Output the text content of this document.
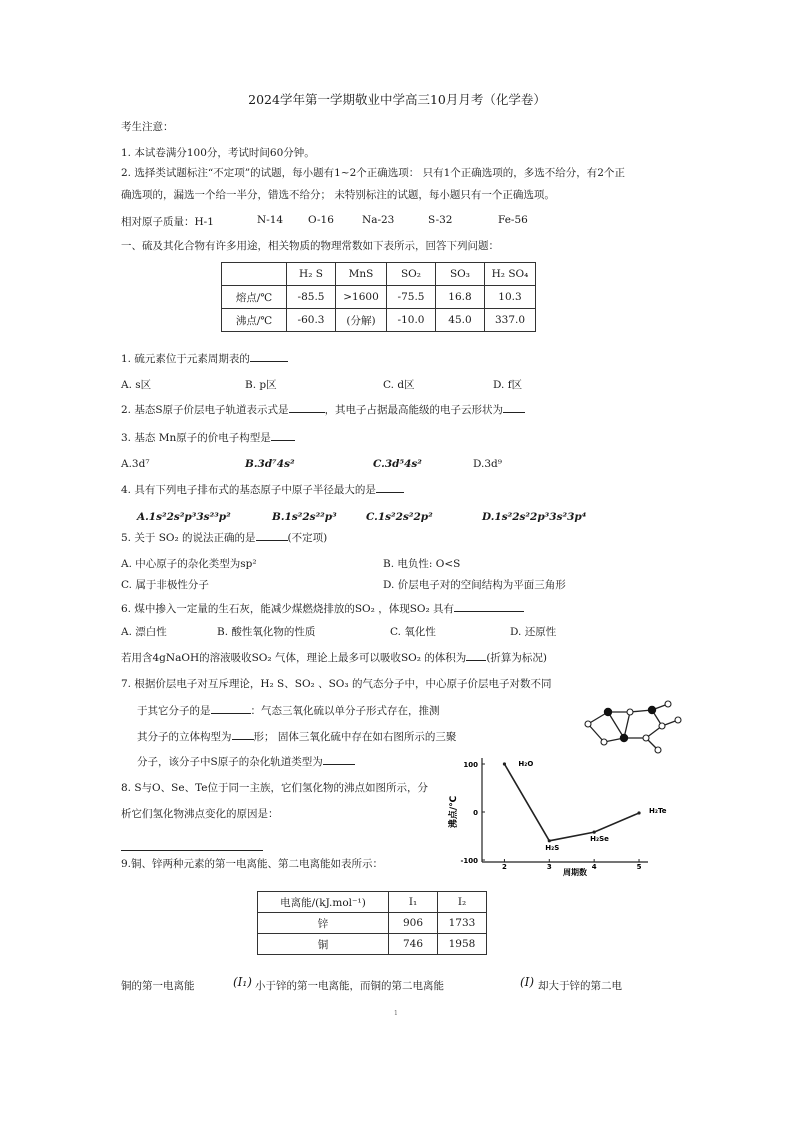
2024学年第一学期敬业中学高三10月月考（化学卷）
考生注意：
1. 本试卷满分100分，考试时间60分钟。
2. 选择类试题标注“不定项”的试题，每小题有1~2个正确选项： 只有1个正确选项的，多选不给分，有2个正
确选项的，漏选一个给一半分，错选不给分； 未特别标注的试题，每小题只有一个正确选项。
相对原子质量：H-1	N-14 O-16	Na-23	S-32	Fe-56
一、硫及其化合物有许多用途，相关物质的物理常数如下表所示，回答下列问题：
	H₂ S	MnS	SO₂	SO₃	H₂ SO₄
熔点/℃	-85.5	>1600	-75.5	16.8	10.3
沸点/℃	-60.3	(分解)	-10.0	45.0	337.0
1. 硫元素位于元素周期表的
A. s区	B. p区	C. d区	D. f区
2. 基态S原子价层电子轨道表示式是	，其电子占据最高能级的电子云形状为
3. 基态 Mn原子的价电子构型是
A.3d⁷	B.3d⁷4s²	C.3d⁵4s²	D.3d⁹
4. 具有下列电子排布式的基态原子中原子半径最大的是
A.1s²2s²p³3s²³p²	B.1s²2s²²p³	C.1s²2s²2p²	D.1s²2s²2p³3s²3p⁴
5. 关于 SO₂ 的说法正确的是	(不定项)
A. 中心原子的杂化类型为sp²	B. 电负性: O<S
C. 属于非极性分子	D. 价层电子对的空间结构为平面三角形
6. 煤中掺入一定量的生石灰，能减少煤燃烧排放的SO₂ ，体现SO₂ 具有
A. 漂白性	B. 酸性氧化物的性质	C. 氧化性	D. 还原性
若用含4gNaOH的溶液吸收SO₂ 气体，理论上最多可以吸收SO₂ 的体积为 (折算为标况)
7. 根据价层电子对互斥理论，H₂ S、SO₂ 、SO₃ 的气态分子中，中心原子价层电子对数不同
于其它分子的是	：气态三氧化硫以单分子形式存在，推测
其分子的立体构型为 形； 固体三氧化硫中存在如右图所示的三聚
分子，该分子中S原子的杂化轨道类型为
8. S与O、Se、Te位于同一主族，它们氢化物的沸点如图所示，分
析它们氢化物沸点变化的原因是：	沸点/℃
周期数
2	3	4	5
100
0
-100
H₂O
H₂S
H₂Se
H₂Te
9.铜、锌两种元素的第一电离能、第二电离能如表所示：
电离能/(kJ.mol⁻¹)	I₁	I₂
锌	906	1733
铜	746	1958
铜的第一电离能	(I₁) 小于锌的第一电离能，而铜的第二电离能	(I) 却大于锌的第二电
1
